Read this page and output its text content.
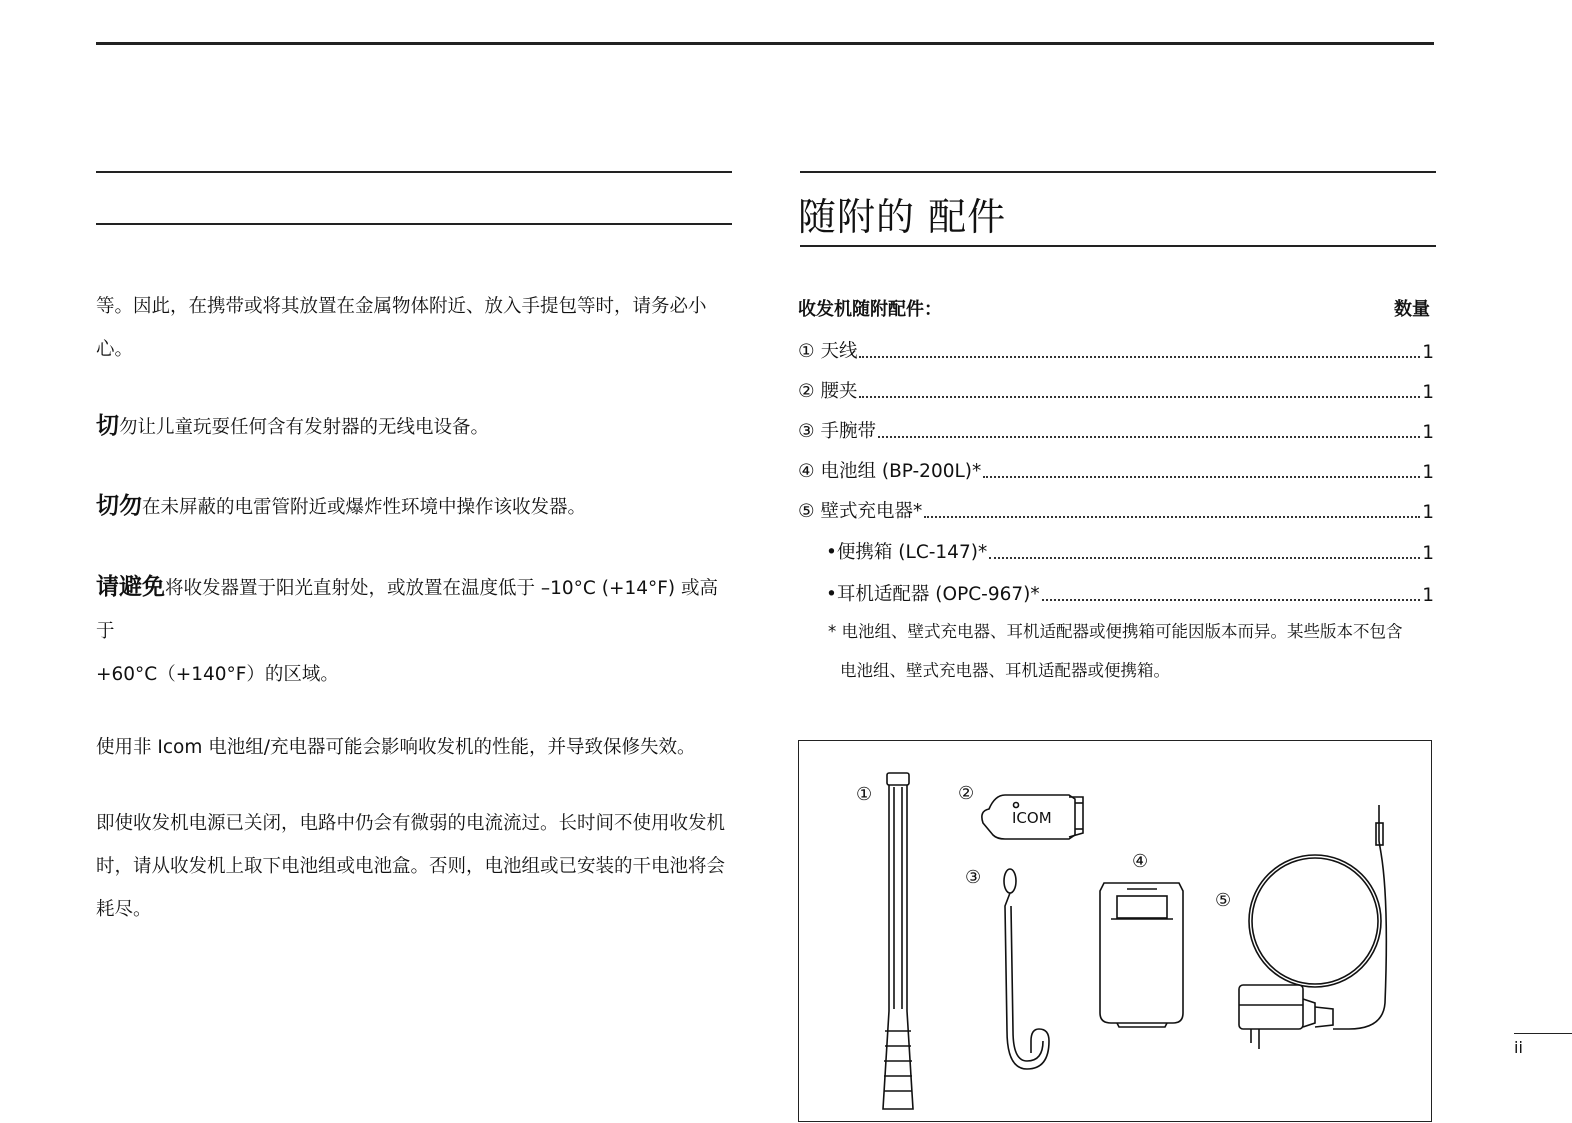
等。因此，在携带或将其放置在金属物体附近、放入手提包等时，请务必小心。

切勿让儿童玩耍任何含有发射器的无线电设备。

切勿在未屏蔽的电雷管附近或爆炸性环境中操作该收发器。

请避免将收发器置于阳光直射处，或放置在温度低于 –10°C (+14°F) 或高于

+60°C（+140°F）的区域。

使用非 Icom 电池组/充电器可能会影响收发机的性能，并导致保修失效。

即使收发机电源已关闭，电路中仍会有微弱的电流流过。长时间不使用收发机时，请从收发机上取下电池组或电池盒。否则，电池组或已安装的干电池将会耗尽。

随附的 配件
收发机随附配件：	数量
① 天线	1
② 腰夹	1
③ 手腕带	1
④ 电池组 (BP-200L)*	1
⑤ 壁式充电器*	1
•便携箱 (LC-147)*	1
•耳机适配器 (OPC-967)*	1
* 电池组、壁式充电器、耳机适配器或便携箱可能因版本而异。某些版本不包含
电池组、壁式充电器、耳机适配器或便携箱。
①	②
③
④
⑤
ICOM
ii
